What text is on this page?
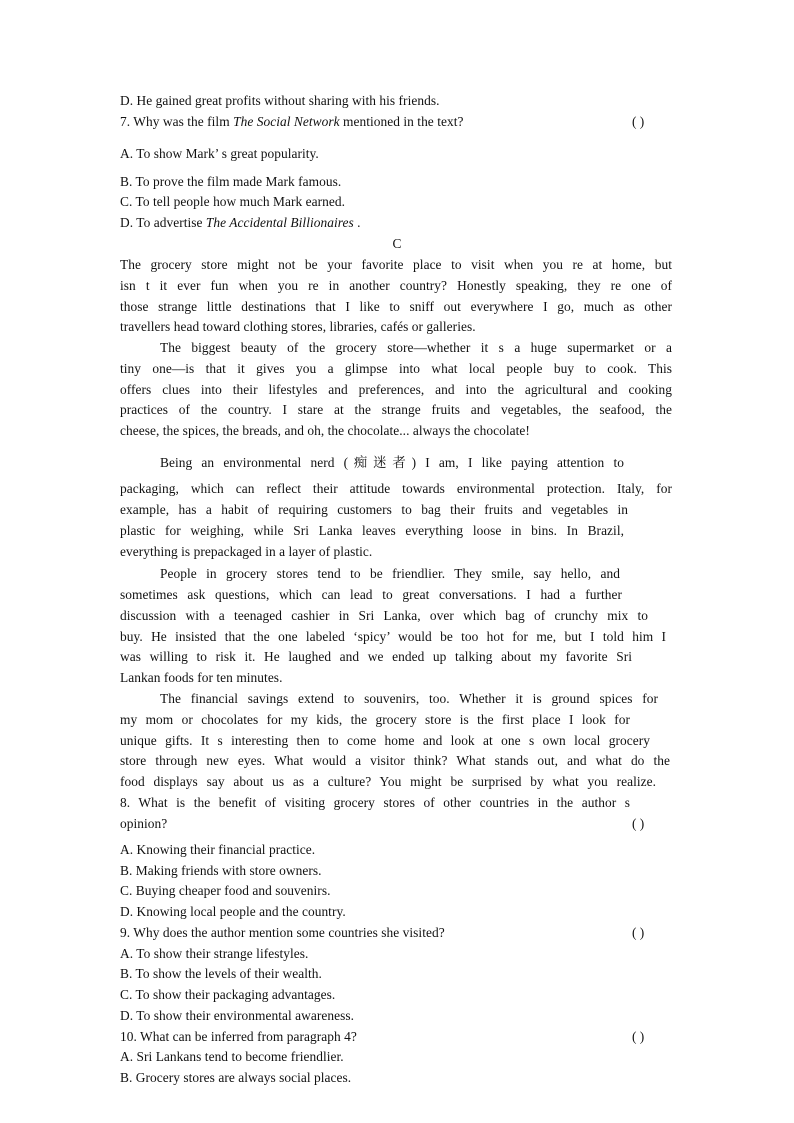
D. He gained great profits without sharing with his friends.
7. Why was the film The Social Network mentioned in the text?	( )
A. To show Mark’ s great popularity.
B. To prove the film made Mark famous.
C. To tell people how much Mark earned.
D. To advertise The Accidental Billionaires .
C
The grocery store might not be your favorite place to visit when you re at home, but
isn t it ever fun when you re in another country? Honestly speaking, they re one of
those strange little destinations that I like to sniff out everywhere I go, much as other
travellers head toward clothing stores, libraries, cafés or galleries.
The biggest beauty of the grocery store—whether it s a huge supermarket or a
tiny one—is that it gives you a glimpse into what local people buy to cook. This
offers clues into their lifestyles and preferences, and into the agricultural and cooking
practices of the country. I stare at the strange fruits and vegetables, the seafood, the
cheese, the spices, the breads, and oh, the chocolate... always the chocolate!
Being an environmental nerd (痴迷者) I am, I like paying attention to
packaging, which can reflect their attitude towards environmental protection. Italy, for
example, has a habit of requiring customers to bag their fruits and vegetables in
plastic for weighing, while Sri Lanka leaves everything loose in bins. In Brazil,
everything is prepackaged in a layer of plastic.
People in grocery stores tend to be friendlier. They smile, say hello, and
sometimes ask questions, which can lead to great conversations. I had a further
discussion with a teenaged cashier in Sri Lanka, over which bag of crunchy mix to
buy. He insisted that the one labeled ‘spicy’ would be too hot for me, but I told him I
was willing to risk it. He laughed and we ended up talking about my favorite Sri
Lankan foods for ten minutes.
The financial savings extend to souvenirs, too. Whether it is ground spices for
my mom or chocolates for my kids, the grocery store is the first place I look for
unique gifts. It s interesting then to come home and look at one s own local grocery
store through new eyes. What would a visitor think? What stands out, and what do the
food displays say about us as a culture? You might be surprised by what you realize.
8. What is the benefit of visiting grocery stores of other countries in the author s
opinion?	( )
A. Knowing their financial practice.
B. Making friends with store owners.
C. Buying cheaper food and souvenirs.
D. Knowing local people and the country.
9. Why does the author mention some countries she visited?	( )
A. To show their strange lifestyles.
B. To show the levels of their wealth.
C. To show their packaging advantages.
D. To show their environmental awareness.
10. What can be inferred from paragraph 4?	( )
A. Sri Lankans tend to become friendlier.
B. Grocery stores are always social places.
